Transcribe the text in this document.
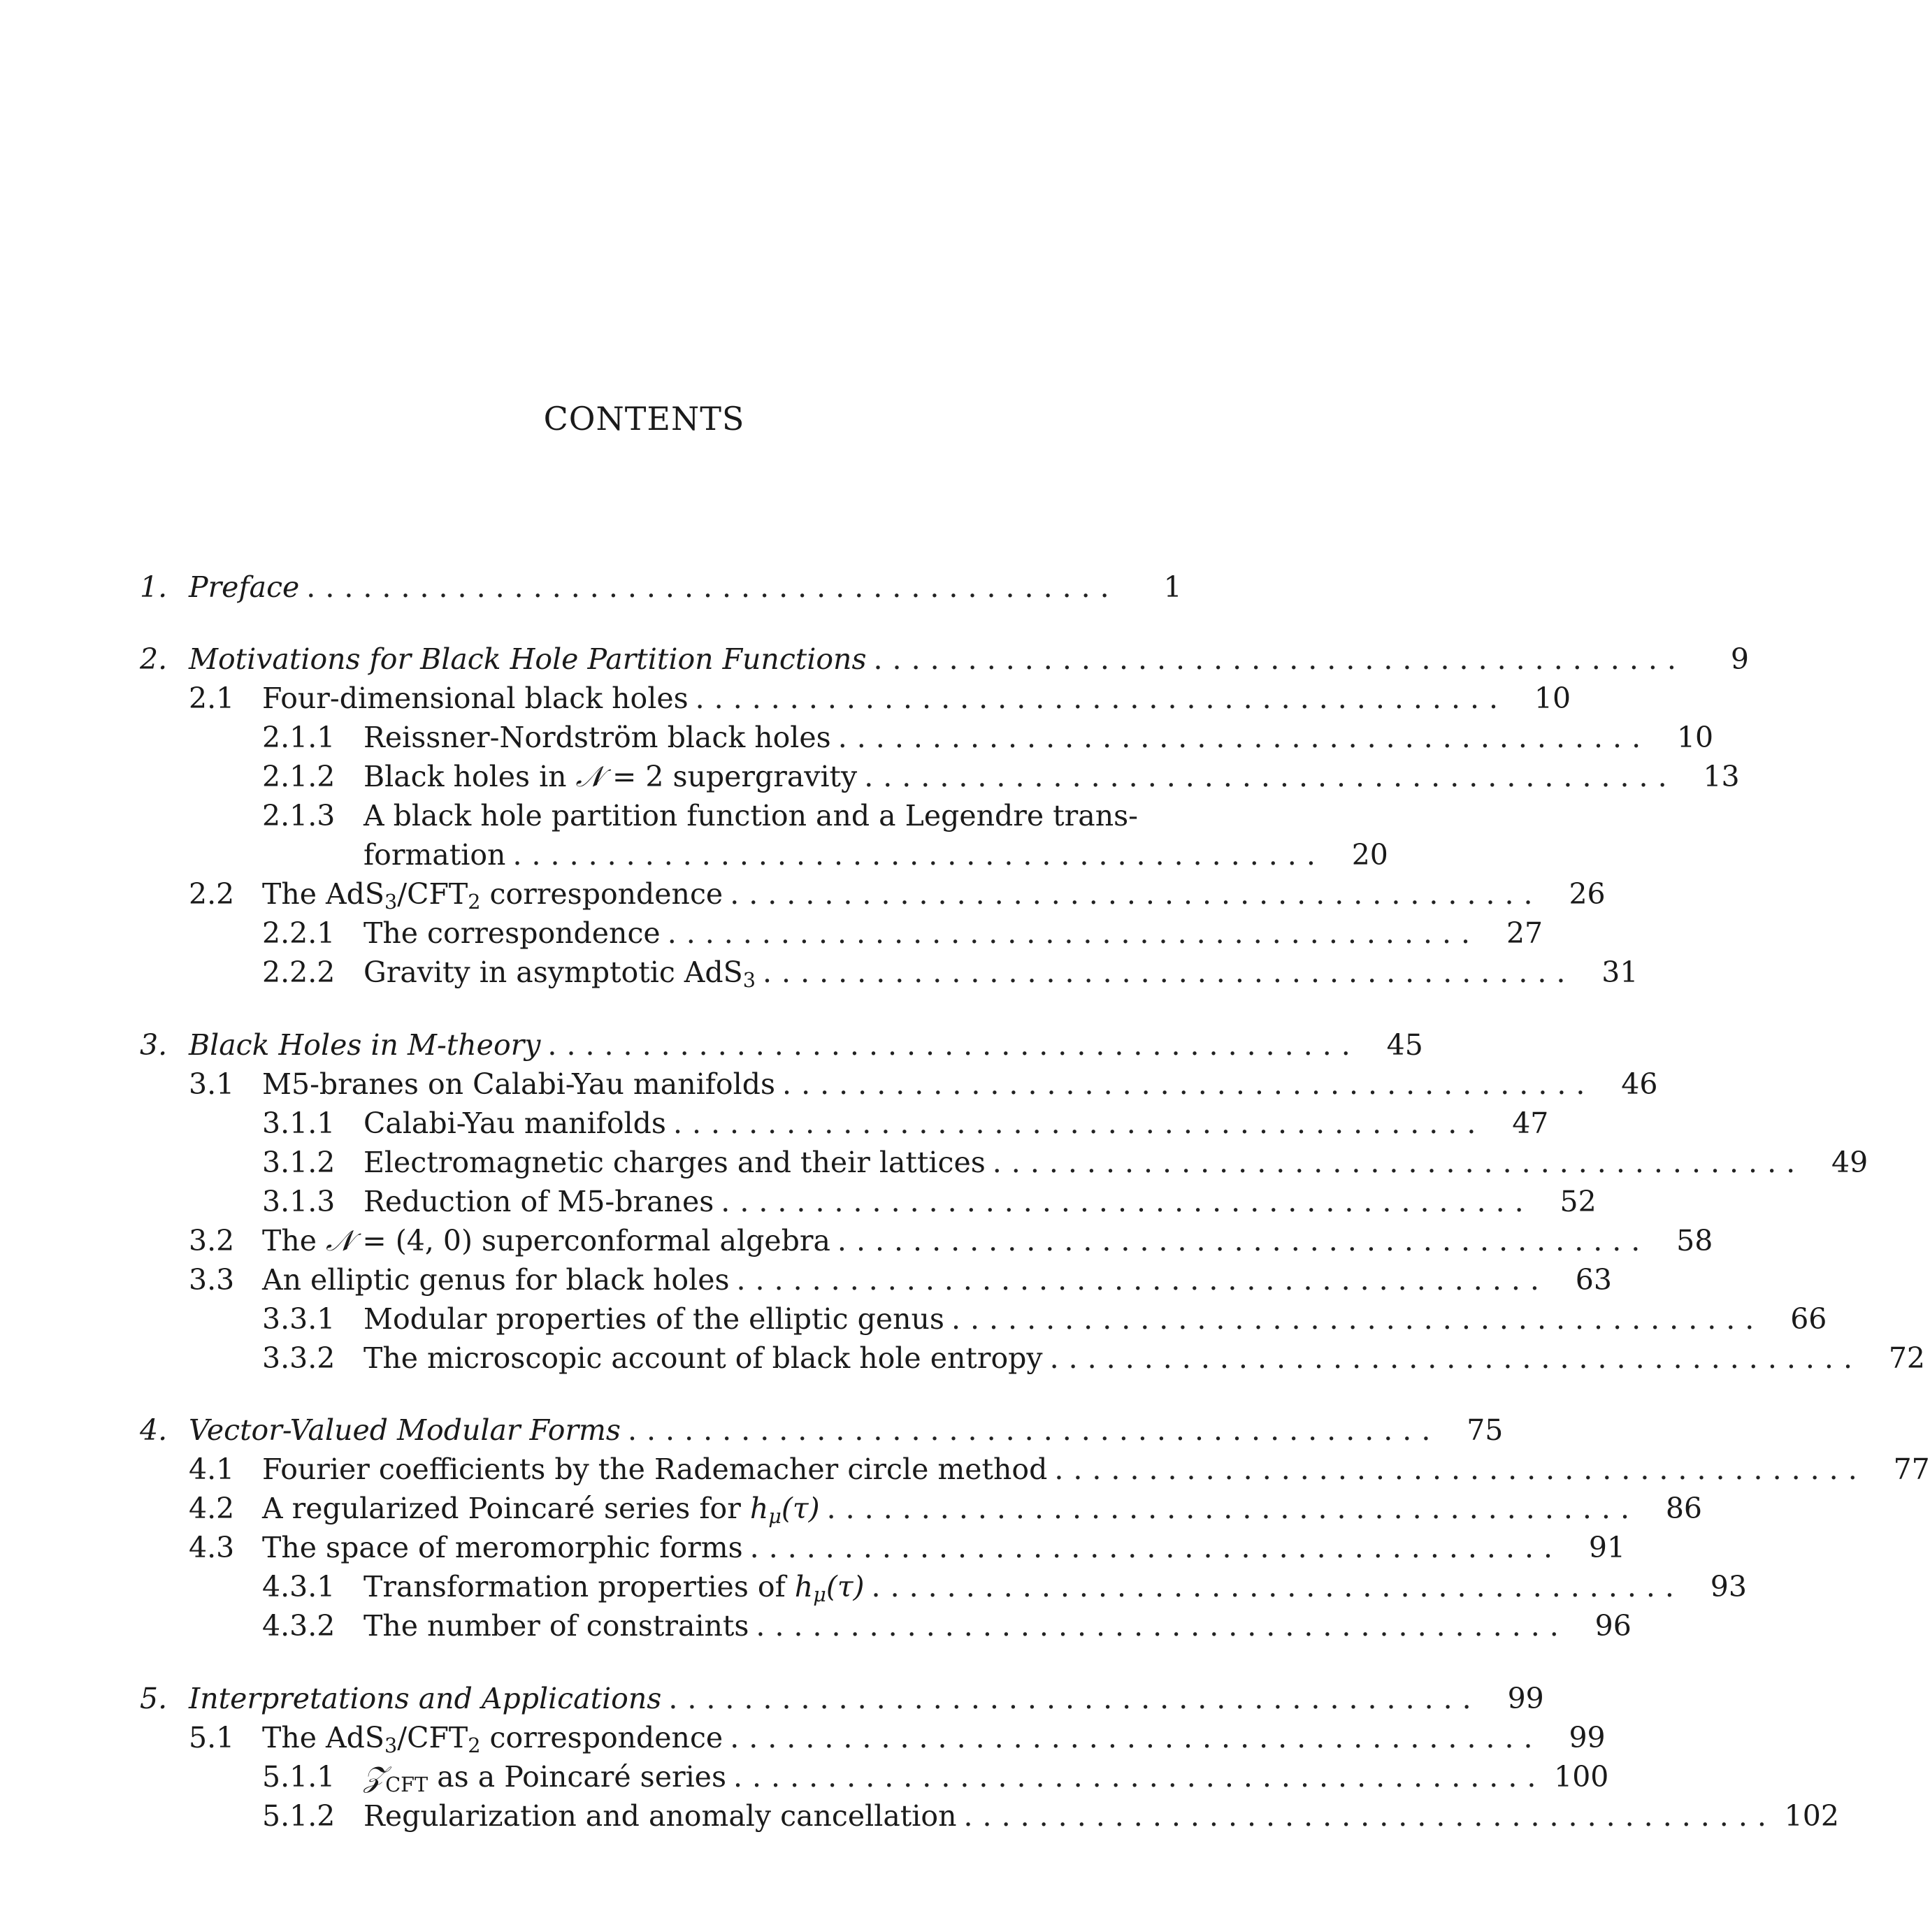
CONTENTS
1. Preface ...........................................	1
2. Motivations for Black Hole Partition Functions ...........................................	9
2.1 Four-dimensional black holes ........................................... 10
2.1.1 Reissner-Nordström black holes ........................................... 10
2.1.2 Black holes in 𝒩 = 2 supergravity ........................................... 13
2.1.3 A black hole partition function and a Legendre trans-
formation ........................................... 20
2.2 The $AdS_3/CFT_2$ correspondence ........................................... 26
2.2.1 The correspondence ........................................... 27
2.2.2 Gravity in asymptotic AdS$_3$ ........................................... 31
3. Black Holes in M-theory ........................................... 45
3.1 M5-branes on Calabi-Yau manifolds ........................................... 46
3.1.1 Calabi-Yau manifolds ........................................... 47
3.1.2 Electromagnetic charges and their lattices ........................................... 49
3.1.3 Reduction of M5-branes ........................................... 52
3.2 The 𝒩 = (4, 0) superconformal algebra ........................................... 58
3.3 An elliptic genus for black holes ........................................... 63
3.3.1 Modular properties of the elliptic genus ........................................... 66
3.3.2 The microscopic account of black hole entropy ........................................... 72
4. Vector-Valued Modular Forms ........................................... 75
4.1 Fourier coefficients by the Rademacher circle method ........................................... 77
4.2 A regularized Poincaré series for $h_\mu(\tau)$ ........................................... 86
4.3 The space of meromorphic forms ........................................... 91
4.3.1 Transformation properties of $h_\mu(\tau)$ ........................................... 93
4.3.2 The number of constraints ........................................... 96
5. Interpretations and Applications ........................................... 99
5.1 The $AdS_3/CFT_2$ correspondence ........................................... 99
5.1.1 𝒵$_{CFT}$ as a Poincaré series ........................................... 100
5.1.2 Regularization and anomaly cancellation ........................................... 102
